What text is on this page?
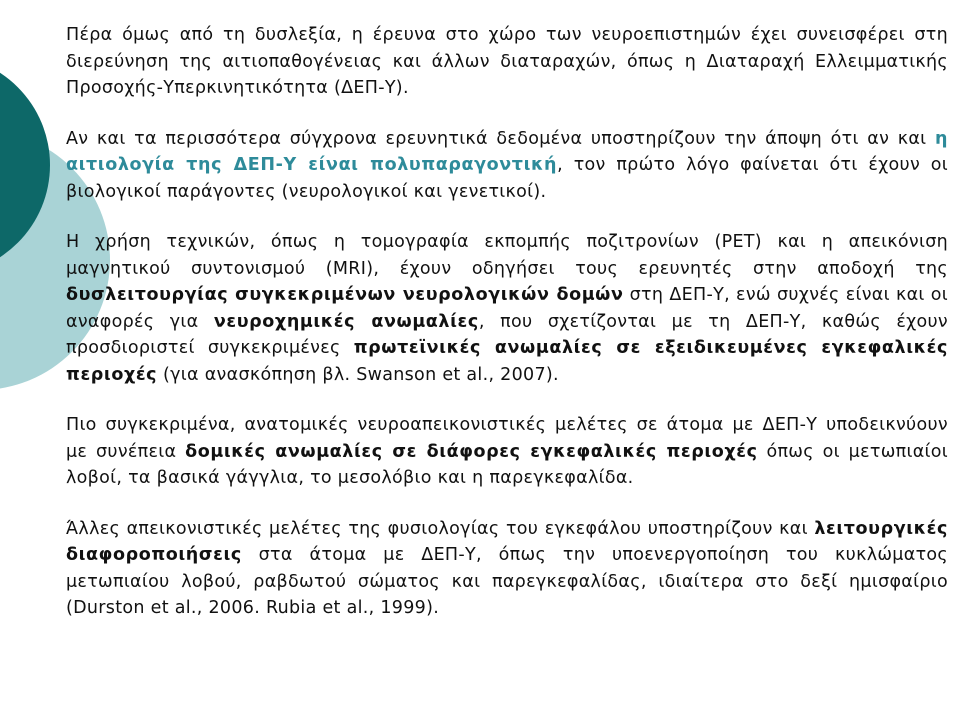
Πέρα όμως από τη δυσλεξία, η έρευνα στο χώρο των νευροεπιστημών έχει συνεισφέρει στη διερεύνηση της αιτιοπαθογένειας και άλλων διαταραχών, όπως η Διαταραχή Ελλειμματικής Προσοχής-Υπερκινητικότητα (ΔΕΠ-Υ).

Αν και τα περισσότερα σύγχρονα ερευνητικά δεδομένα υποστηρίζουν την άποψη ότι αν και η αιτιολογία της ΔΕΠ-Υ είναι πολυπαραγοντική, τον πρώτο λόγο φαίνεται ότι έχουν οι βιολογικοί παράγοντες (νευρολογικοί και γενετικοί).

Η χρήση τεχνικών, όπως η τομογραφία εκπομπής ποζιτρονίων (PET) και η απεικόνιση μαγνητικού συντονισμού (MRI), έχουν οδηγήσει τους ερευνητές στην αποδοχή της δυσλειτουργίας συγκεκριμένων νευρολογικών δομών στη ΔΕΠ-Υ, ενώ συχνές είναι και οι αναφορές για νευροχημικές ανωμαλίες, που σχετίζονται με τη ΔΕΠ-Υ, καθώς έχουν προσδιοριστεί συγκεκριμένες πρωτεϊνικές ανωμαλίες σε εξειδικευμένες εγκεφαλικές περιοχές (για ανασκόπηση βλ. Swanson et al., 2007).

Πιο συγκεκριμένα, ανατομικές νευροαπεικονιστικές μελέτες σε άτομα με ΔΕΠ-Υ υποδεικνύουν με συνέπεια δομικές ανωμαλίες σε διάφορες εγκεφαλικές περιοχές όπως οι μετωπιαίοι λοβοί, τα βασικά γάγγλια, το μεσολόβιο και η παρεγκεφαλίδα.

Άλλες απεικονιστικές μελέτες της φυσιολογίας του εγκεφάλου υποστηρίζουν και λειτουργικές διαφοροποιήσεις στα άτομα με ΔΕΠ-Υ, όπως την υποενεργοποίηση του κυκλώματος μετωπιαίου λοβού, ραβδωτού σώματος και παρεγκεφαλίδας, ιδιαίτερα στο δεξί ημισφαίριο (Durston et al., 2006. Rubia et al., 1999).
